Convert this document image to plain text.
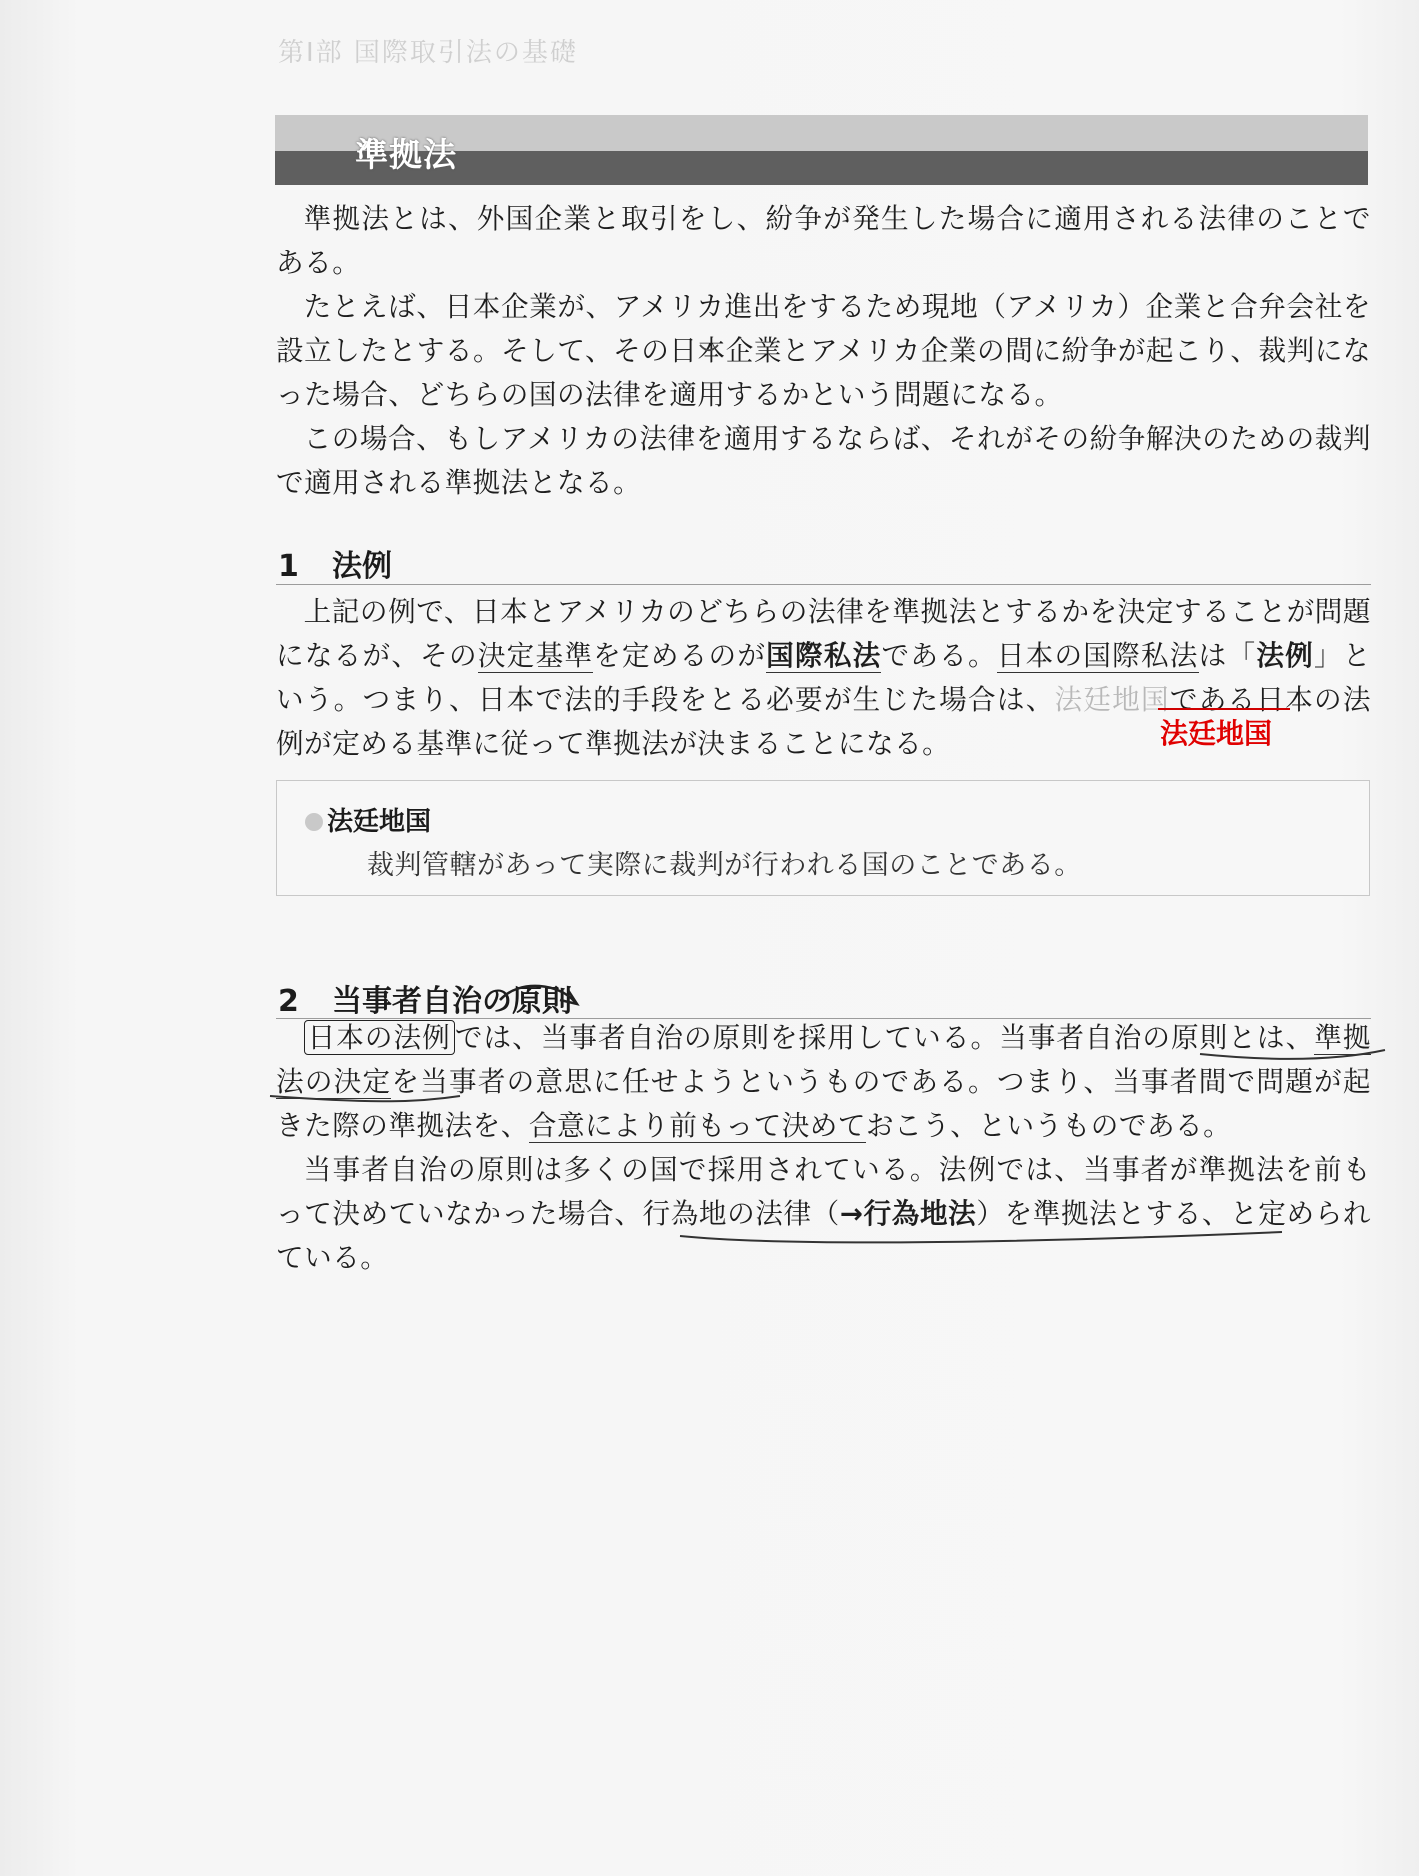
第Ⅰ部 国際取引法の基礎
準拠法

準拠法とは、外国企業と取引をし、紛争が発生した場合に適用される法律のことである。

たとえば、日本企業が、アメリカ進出をするため現地（アメリカ）企業と合弁会社を設立したとする。そして、その日本企業とアメリカ企業の間に紛争が起こり、裁判になった場合、どちらの国の法律を適用するかという問題になる。

この場合、もしアメリカの法律を適用するならば、それがその紛争解決のための裁判で適用される準拠法となる。

1 法例

上記の例で、日本とアメリカのどちらの法律を準拠法とするかを決定することが問題になるが、その決定基準を定めるのが国際私法である。日本の国際私法は「法例」という。つまり、日本で法的手段をとる必要が生じた場合は、法廷地国である日本の法例が定める基準に従って準拠法が決まることになる。	法廷地国
法廷地国
裁判管轄があって実際に裁判が行われる国のことである。
2 当事者自治の原則

日本の法例 では、当事者自治の原則を採用している。当事者自治の原則とは、準拠法の決定を当事者の意思に任せようというものである。つまり、当事者間で問題が起きた際の準拠法を、合意により前もって決めておこう、というものである。

当事者自治の原則は多くの国で採用されている。法例では、当事者が準拠法を前もって決めていなかった場合、行為地の法律（→行為地法）を準拠法とする、と定められている。
